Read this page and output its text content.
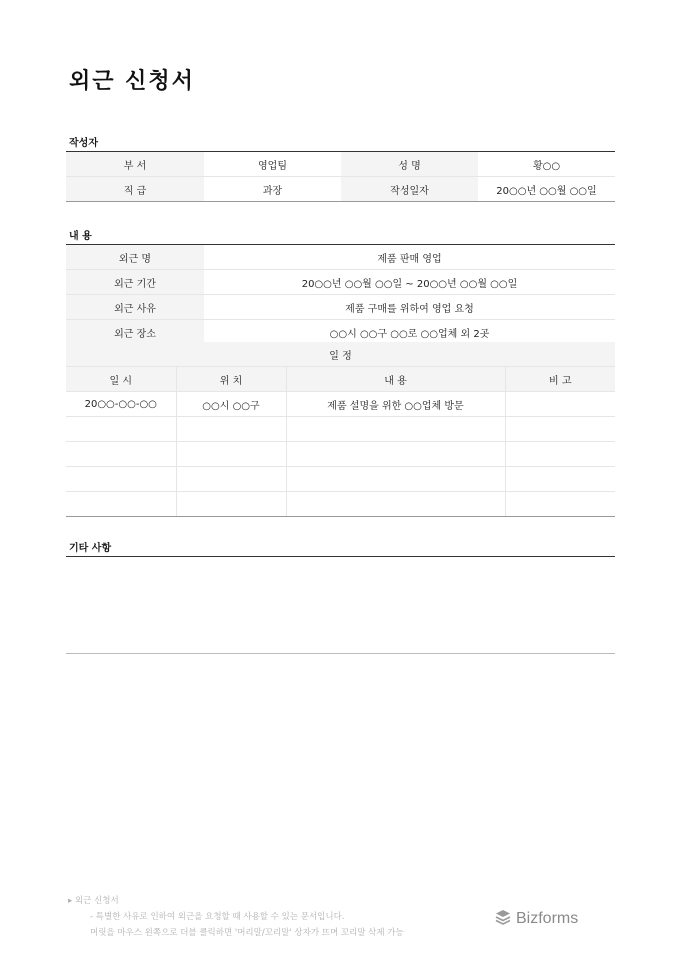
외근 신청서
작성자
부 서	영업팀	성 명	황○○
직 급	과장	작성일자	20○○년 ○○월 ○○일
내 용
외근 명	제품 판매 영업
외근 기간	20○○년 ○○월 ○○일 ~ 20○○년 ○○월 ○○일
외근 사유	제품 구매를 위하여 영업 요청
외근 장소	○○시 ○○구 ○○로 ○○업체 외 2곳
일 정			
일 시	위 치	내 용	비 고
20○○-○○-○○	○○시 ○○구	제품 설명을 위한 ○○업체 방문	

기타 사항
▸ 외근 신청서
- 특별한 사유로 인하여 외근을 요청할 때 사용할 수 있는 문서입니다.
머릿을 마우스 왼쪽으로 더블 클릭하면 '머리말/꼬리말' 상자가 뜨며 꼬리말 삭제 가능
Bizforms
